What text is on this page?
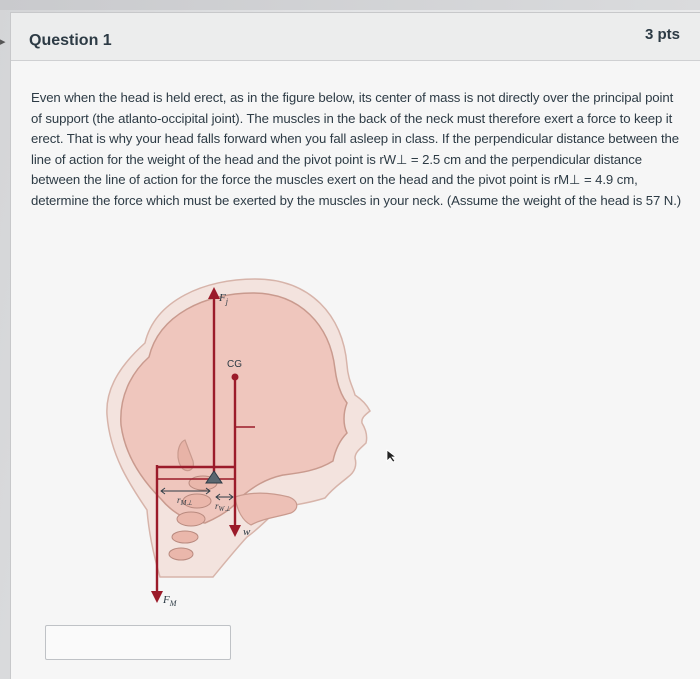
▸	Question 1	3 pts
Even when the head is held erect, as in the figure below, its center of mass is not directly over the principal point of support (the atlanto-occipital joint). The muscles in the back of the neck must therefore exert a force to keep it erect. That is why your head falls forward when you fall asleep in class. If the perpendicular distance between the line of action for the weight of the head and the pivot point is rW⊥ = 2.5 cm and the perpendicular distance between the line of action for the force the muscles exert on the head and the pivot point is rM⊥ = 4.9 cm, determine the force which must be exerted by the muscles in your neck. (Assume the weight of the head is 57 N.)
$F_j$
CG
w
$F_M$
$r_{M\perp}$	$r_{W\perp}$
